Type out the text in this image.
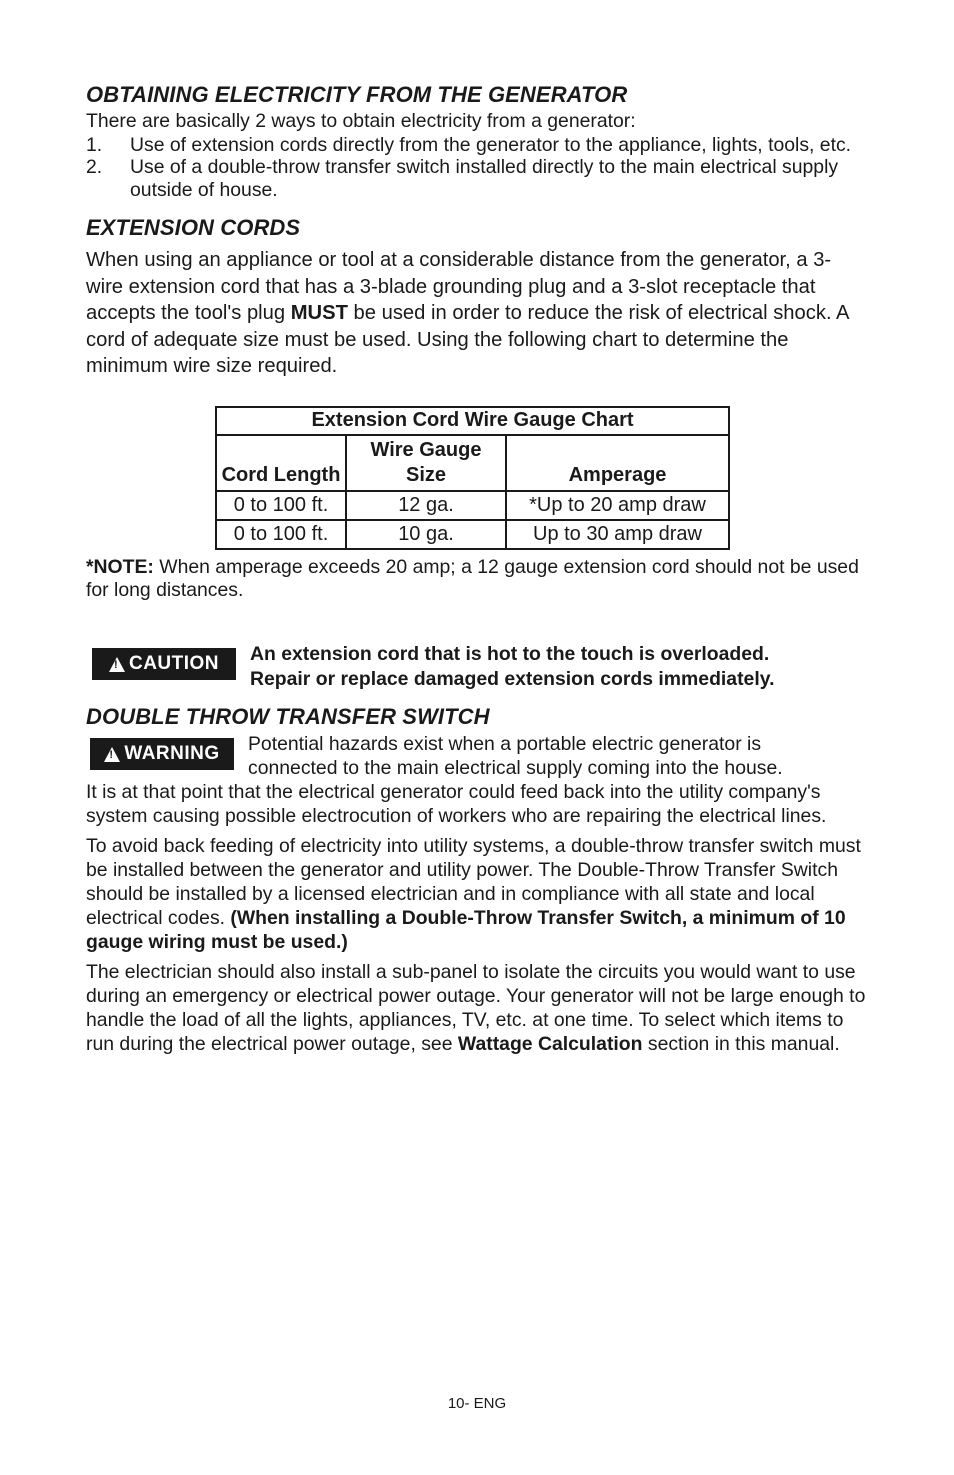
OBTAINING ELECTRICITY FROM THE GENERATOR

There are basically 2 ways to obtain electricity from a generator:

1. Use of extension cords directly from the generator to the appliance, lights, tools, etc.
2. Use of a double-throw transfer switch installed directly to the main electrical supply outside of house.
EXTENSION CORDS

When using an appliance or tool at a considerable distance from the generator, a 3-wire extension cord that has a 3-blade grounding plug and a 3-slot receptacle that accepts the tool's plug MUST be used in order to reduce the risk of electrical shock. A cord of adequate size must be used. Using the following chart to determine the minimum wire size required.

Extension Cord Wire Gauge Chart		
Cord Length	Wire Gauge Size	Amperage
0 to 100 ft.	12 ga.	*Up to 20 amp draw
0 to 100 ft.	10 ga.	Up to 30 amp draw

*NOTE: When amperage exceeds 20 amp; a 12 gauge extension cord should not be used for long distances.

!
CAUTION An extension cord that is hot to the touch is overloaded.
Repair or replace damaged extension cords immediately.
DOUBLE THROW TRANSFER SWITCH
!
WARNING Potential hazards exist when a portable electric generator is
connected to the main electrical supply coming into the house.

It is at that point that the electrical generator could feed back into the utility company's system causing possible electrocution of workers who are repairing the electrical lines.

To avoid back feeding of electricity into utility systems, a double-throw transfer switch must be installed between the generator and utility power. The Double-Throw Transfer Switch should be installed by a licensed electrician and in compliance with all state and local electrical codes. (When installing a Double-Throw Transfer Switch, a minimum of 10 gauge wiring must be used.)

The electrician should also install a sub-panel to isolate the circuits you would want to use during an emergency or electrical power outage. Your generator will not be large enough to handle the load of all the lights, appliances, TV, etc. at one time. To select which items to run during the electrical power outage, see Wattage Calculation section in this manual.

10- ENG
